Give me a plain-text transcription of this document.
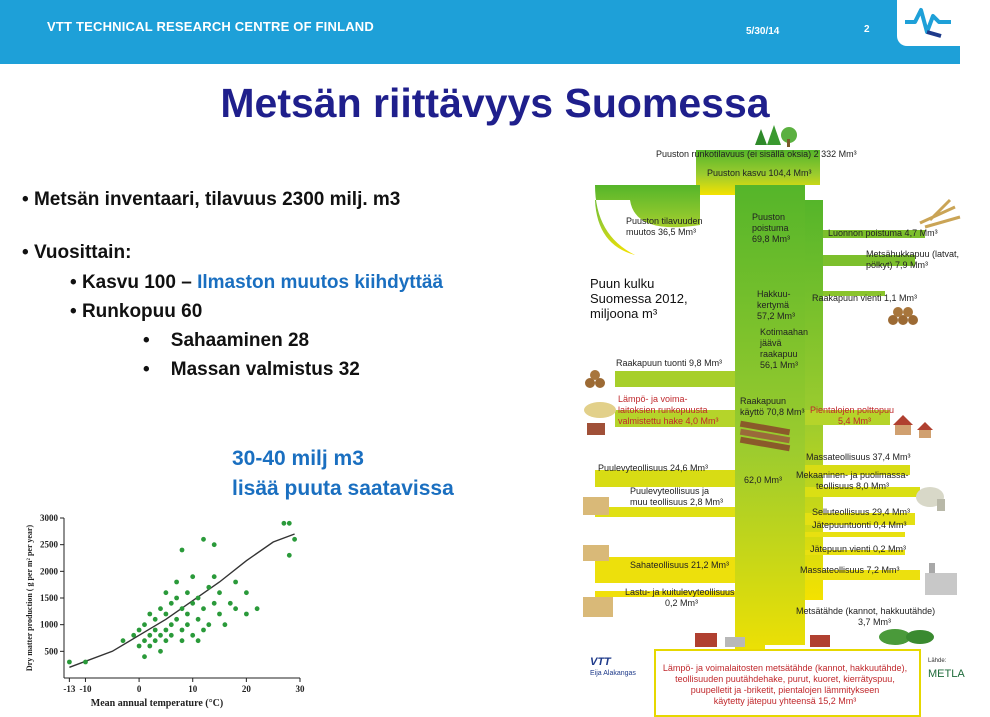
VTT TECHNICAL RESEARCH CENTRE OF FINLAND	5/30/14	2
Metsän riittävyys Suomessa
• Metsän inventaari, tilavuus 2300 milj. m3
• Vuosittain:
• Kasvu 100 – Ilmaston muutos kiihdyttää
• Runkopuu 60
•    Sahaaminen 28
•    Massan valmistus 32
30-40 milj m3
lisää puuta saatavissa
-13 -10	0	10	20	30
500
1000
1500
2000
2500
3000
Mean annual temperature (°C)
Dry matter production ( g per m² per year)
Puuston runkotilavuus (ei sisällä oksia) 2 332 Mm³
Puuston kasvu 104,4 Mm³
Puuston tilavuuden
muutos 36,5 Mm³
Puuston
poistuma
69,8 Mm³
Luonnon poistuma 4,7 Mm³
Metsähukkapuu (latvat,
pölkyt) 7,9 Mm³
Hakkuu-
kertymä
57,2 Mm³
Raakapuun vienti 1,1 Mm³
Kotimaahan
jäävä
raakapuu
56,1 Mm³
Raakapuun tuonti 9,8 Mm³
Lämpö- ja voima-
laitoksien runkopuusta
valmistettu hake 4,0 Mm³
Raakapuun
käyttö 70,8 Mm³ Pientalojen polttopuu
5,4 Mm³
Massateollisuus 37,4 Mm³
Puulevyteollisuus 24,6 Mm³
62,0 Mm³ Mekaaninen- ja puolimassa-
teollisuus 8,0 Mm³
Puulevyteollisuus ja
muu teollisuus 2,8 Mm³
Selluteollisuus 29,4 Mm³
Jätepuuntuonti 0,4 Mm³
Jätepuun vienti 0,2 Mm³
Sahateollisuus 21,2 Mm³	Massateollisuus 7,2 Mm³
Lastu- ja kuitulevyteollisuus
0,2 Mm³
Metsätähde (kannot, hakkuutähde)
3,7 Mm³
Puun kulku
Suomessa 2012,
miljoona m³
Lämpö- ja voimalaitosten metsätähde (kannot, hakkuutähde),
teollisuuden puutähdehake, purut, kuoret, kierrätyspuu,
puupelletit ja -briketit, pientalojen lämmitykseen
käytetty jätepuu yhteensä 15,2 Mm³
VTT
Eija Alakangas
Lähde:
METLA
